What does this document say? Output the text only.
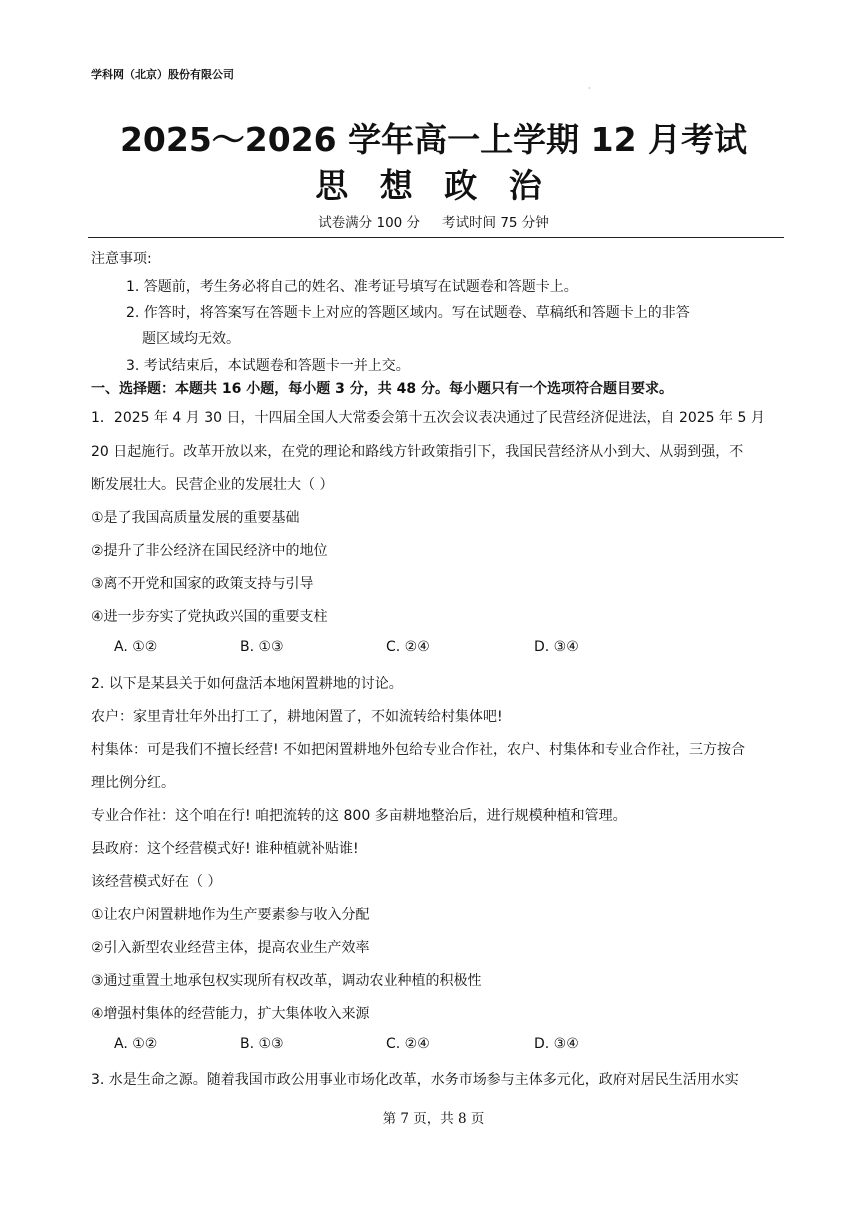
学科网（北京）股份有限公司
·
2025～2026 学年高一上学期 12 月考试
思 想 政 治
试卷满分 100 分 考试时间 75 分钟
注意事项:
1. 答题前，考生务必将自己的姓名、准考证号填写在试题卷和答题卡上。
2. 作答时，将答案写在答题卡上对应的答题区域内。写在试题卷、草稿纸和答题卡上的非答
题区域均无效。
3. 考试结束后，本试题卷和答题卡一并上交。
一、选择题：本题共 16 小题，每小题 3 分，共 48 分。每小题只有一个选项符合题目要求。
1．2025 年 4 月 30 日，十四届全国人大常委会第十五次会议表决通过了民营经济促进法，自 2025 年 5 月
20 日起施行。改革开放以来，在党的理论和路线方针政策指引下，我国民营经济从小到大、从弱到强，不
断发展壮大。民营企业的发展壮大（ ）
①是了我国高质量发展的重要基础
②提升了非公经济在国民经济中的地位
③离不开党和国家的政策支持与引导
④进一步夯实了党执政兴国的重要支柱
A. ①②	B. ①③	C. ②④	D. ③④
2. 以下是某县关于如何盘活本地闲置耕地的讨论。
农户：家里青壮年外出打工了，耕地闲置了，不如流转给村集体吧!
村集体：可是我们不擅长经营! 不如把闲置耕地外包给专业合作社，农户、村集体和专业合作社，三方按合
理比例分红。
专业合作社：这个咱在行! 咱把流转的这 800 多亩耕地整治后，进行规模种植和管理。
县政府：这个经营模式好! 谁种植就补贴谁!
该经营模式好在（ ）
①让农户闲置耕地作为生产要素参与收入分配
②引入新型农业经营主体，提高农业生产效率
③通过重置土地承包权实现所有权改革，调动农业种植的积极性
④增强村集体的经营能力，扩大集体收入来源
A. ①②	B. ①③	C. ②④	D. ③④
3. 水是生命之源。随着我国市政公用事业市场化改革，水务市场参与主体多元化，政府对居民生活用水实
第 7 页，共 8 页
